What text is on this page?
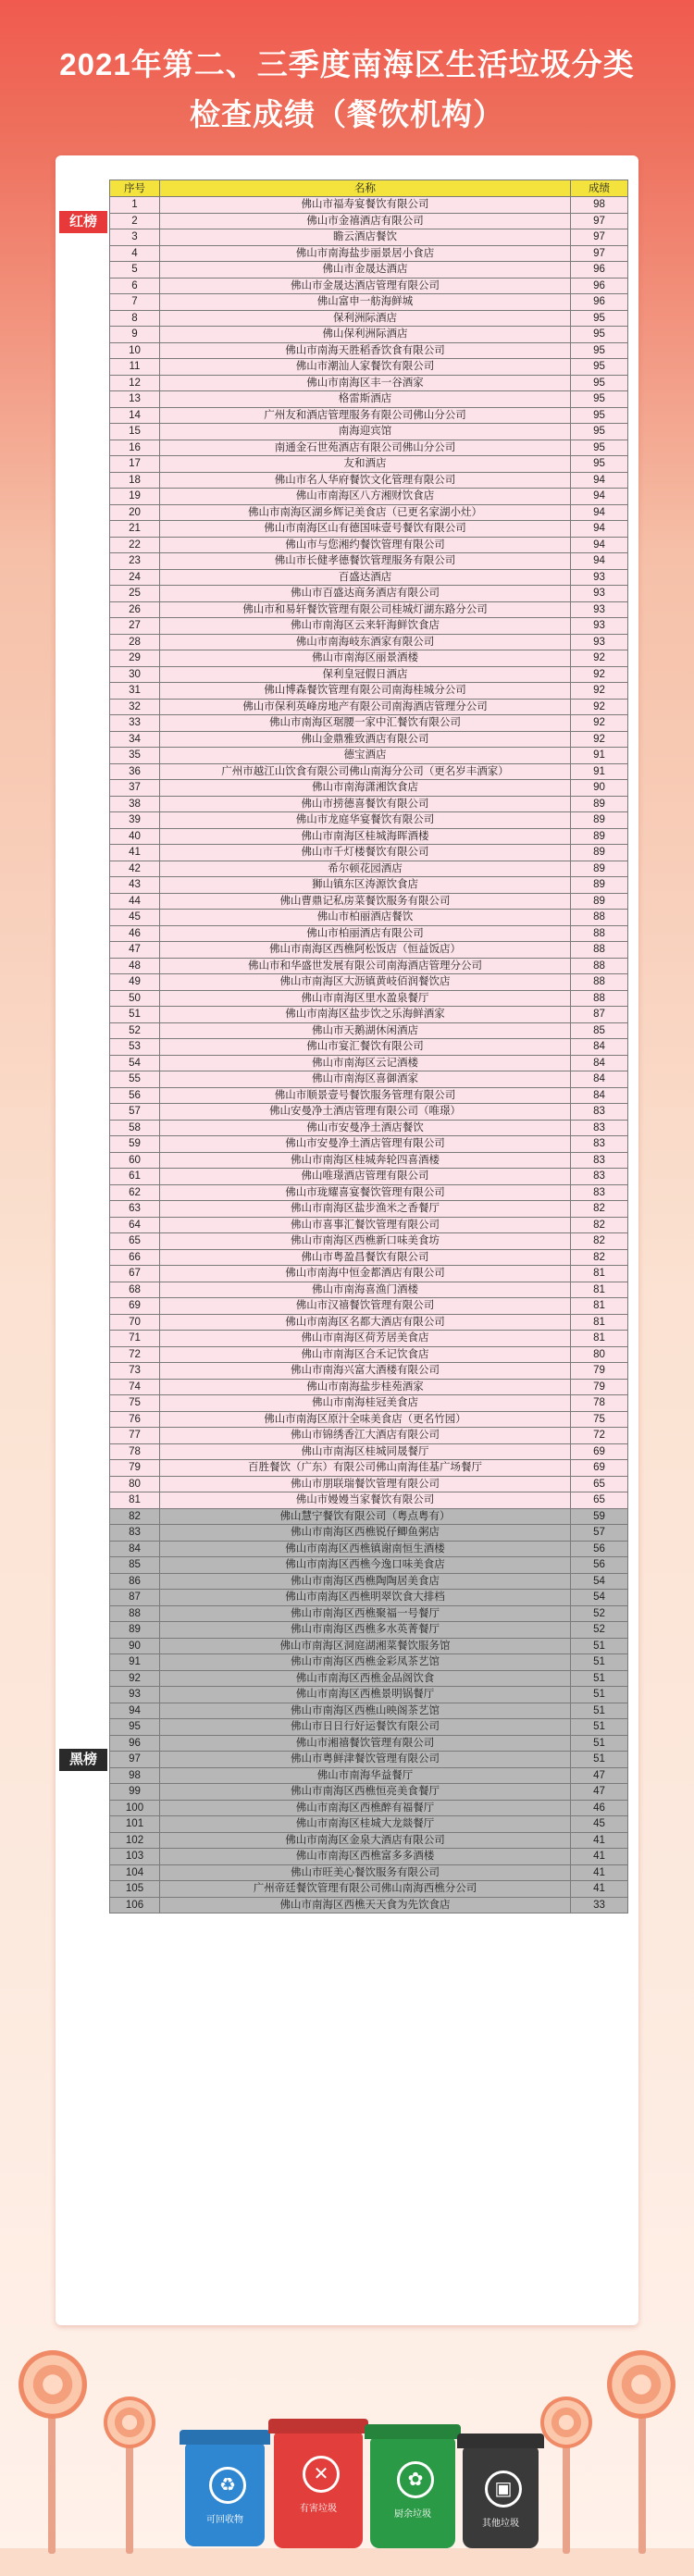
2021年第二、三季度南海区生活垃圾分类
检查成绩（餐饮机构）
红榜
黑榜
序号	名称	成绩
1	佛山市福寿宴餐饮有限公司	98
2	佛山市金禧酒店有限公司	97
3	瞻云酒店餐饮	97
4	佛山市南海盐步丽景居小食店	97
5	佛山市金晟达酒店	96
6	佛山市金晟达酒店管理有限公司	96
7	佛山富申一舫海鲜城	96
8	保利洲际酒店	95
9	佛山保利洲际酒店	95
10	佛山市南海天胜稻香饮食有限公司	95
11	佛山市潮汕人家餐饮有限公司	95
12	佛山市南海区丰一谷酒家	95
13	格雷斯酒店	95
14	广州友和酒店管理服务有限公司佛山分公司	95
15	南海迎宾馆	95
16	南通金石世苑酒店有限公司佛山分公司	95
17	友和酒店	95
18	佛山市名人华府餐饮文化管理有限公司	94
19	佛山市南海区八方湘财饮食店	94
20	佛山市南海区湖乡辉记美食店（已更名家湖小灶）	94
21	佛山市南海区山有德国味壹号餐饮有限公司	94
22	佛山市与您湘约餐饮管理有限公司	94
23	佛山市长健孝德餐饮管理服务有限公司	94
24	百盛达酒店	93
25	佛山市百盛达商务酒店有限公司	93
26	佛山市和易轩餐饮管理有限公司桂城灯湖东路分公司	93
27	佛山市南海区云来轩海鲜饮食店	93
28	佛山市南海岐东酒家有限公司	93
29	佛山市南海区丽景酒楼	92
30	保利皇冠假日酒店	92
31	佛山博森餐饮管理有限公司南海桂城分公司	92
32	佛山市保利英峰房地产有限公司南海酒店管理分公司	92
33	佛山市南海区琚腰一家中汇餐饮有限公司	92
34	佛山金鼎雅致酒店有限公司	92
35	德宝酒店	91
36	广州市越江山饮食有限公司佛山南海分公司（更名岁丰酒家）	91
37	佛山市南海潇湘饮食店	90
38	佛山市捞德喜餐饮有限公司	89
39	佛山市龙庭华宴餐饮有限公司	89
40	佛山市南海区桂城海晖酒楼	89
41	佛山市千灯楼餐饮有限公司	89
42	希尔顿花园酒店	89
43	狮山镇东区涛源饮食店	89
44	佛山曹鼎记私房菜餐饮服务有限公司	89
45	佛山市柏丽酒店餐饮	88
46	佛山市柏丽酒店有限公司	88
47	佛山市南海区西樵阿松饭店（恒益饭店）	88
48	佛山市和华盛世发展有限公司南海酒店管理分公司	88
49	佛山市南海区大沥镇黄岐佰润餐饮店	88
50	佛山市南海区里水盈泉餐厅	88
51	佛山市南海区盐步饮之乐海鲜酒家	87
52	佛山市天鹅湖休闲酒店	85
53	佛山市宴汇餐饮有限公司	84
54	佛山市南海区云记酒楼	84
55	佛山市南海区喜御酒家	84
56	佛山市顺景壹号餐饮服务管理有限公司	84
57	佛山安曼净土酒店管理有限公司（唯璟）	83
58	佛山市安曼净土酒店餐饮	83
59	佛山市安曼净土酒店管理有限公司	83
60	佛山市南海区桂城奔轮四喜酒楼	83
61	佛山唯璟酒店管理有限公司	83
62	佛山市珑耀喜宴餐饮管理有限公司	83
63	佛山市南海区盐步渔米之香餐厅	82
64	佛山市喜事汇餐饮管理有限公司	82
65	佛山市南海区西樵新口味美食坊	82
66	佛山市粤盈昌餐饮有限公司	82
67	佛山市南海中恒金都酒店有限公司	81
68	佛山市南海喜渔门酒楼	81
69	佛山市汉禧餐饮管理有限公司	81
70	佛山市南海区名都大酒店有限公司	81
71	佛山市南海区荷芳居美食店	81
72	佛山市南海区合禾记饮食店	80
73	佛山市南海兴富大酒楼有限公司	79
74	佛山市南海盐步桂苑酒家	79
75	佛山市南海桂冠美食店	78
76	佛山市南海区原汁全味美食店（更名竹园）	75
77	佛山市锦绣香江大酒店有限公司	72
78	佛山市南海区桂城同晟餐厅	69
79	百胜餐饮（广东）有限公司佛山南海佳基广场餐厅	69
80	佛山市朋联瑞餐饮管理有限公司	65
81	佛山市嫚嫚当家餐饮有限公司	65
82	佛山慧宁餐饮有限公司（粤点粤有）	59
83	佛山市南海区西樵锐仔鲫鱼粥店	57
84	佛山市南海区西樵镇谢南恒生酒楼	56
85	佛山市南海区西樵今逸口味美食店	56
86	佛山市南海区西樵陶陶居美食店	54
87	佛山市南海区西樵明翠饮食大排档	54
88	佛山市南海区西樵聚福一号餐厅	52
89	佛山市南海区西樵多水英菁餐厅	52
90	佛山市南海区洞庭湖湘菜餐饮服务馆	51
91	佛山市南海区西樵金彩凤茶艺馆	51
92	佛山市南海区西樵金品阁饮食	51
93	佛山市南海区西樵景明锅餐厅	51
94	佛山市南海区西樵山映阁茶艺馆	51
95	佛山市日日行好运餐饮有限公司	51
96	佛山市湘禧餐饮管理有限公司	51
97	佛山市粤鲜津餐饮管理有限公司	51
98	佛山市南海华益餐厅	47
99	佛山市南海区西樵恒亮美食餐厅	47
100	佛山市南海区西樵醉有福餐厅	46
101	佛山市南海区桂城大龙燚餐厅	45
102	佛山市南海区金泉大酒店有限公司	41
103	佛山市南海区西樵富多多酒楼	41
104	佛山市旺美心餐饮服务有限公司	41
105	广州帝廷餐饮管理有限公司佛山南海西樵分公司	41
106	佛山市南海区西樵天天食为先饮食店	33
♻
可回收物
✕
有害垃圾
✿
厨余垃圾
▣
其他垃圾
